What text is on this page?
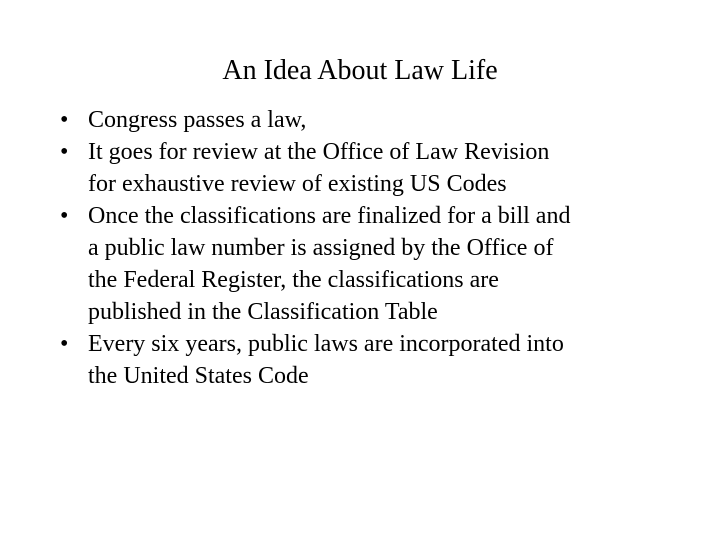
An Idea About Law Life
• Congress passes a law,
• It goes for review at the Office of Law Revision
for exhaustive review of existing US Codes
• Once the classifications are finalized for a bill and
a public law number is assigned by the Office of
the Federal Register, the classifications are
published in the Classification Table
• Every six years, public laws are incorporated into
the United States Code
